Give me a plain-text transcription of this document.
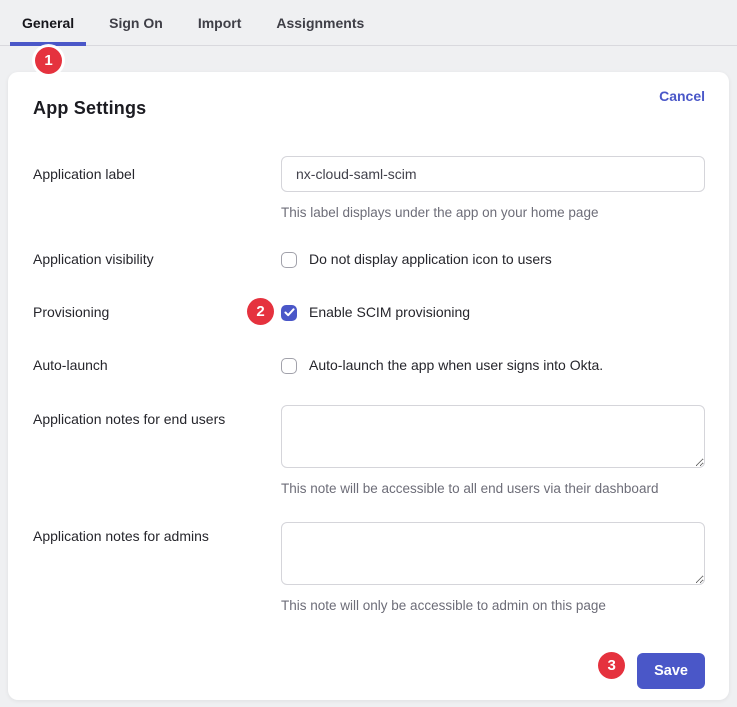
General	Sign On	Import	Assignments
1
App Settings
Cancel
Application label
nx-cloud-saml-scim
This label displays under the app on your home page
Application visibility	Do not display application icon to users
Provisioning	2	Enable SCIM provisioning
Auto-launch	Auto-launch the app when user signs into Okta.
Application notes for end users
This note will be accessible to all end users via their dashboard
Application notes for admins
This note will only be accessible to admin on this page
3	Save
